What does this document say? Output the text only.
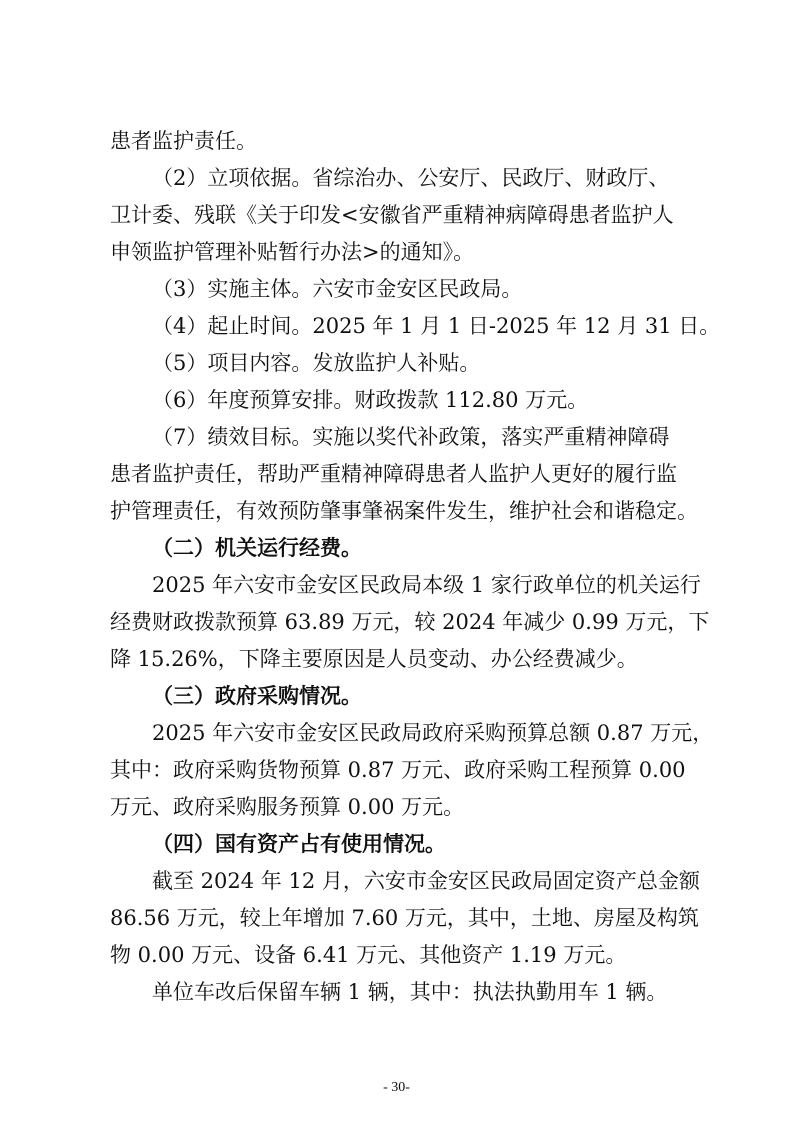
患者监护责任。
（2）立项依据。省综治办、公安厅、民政厅、财政厅、
卫计委、残联《关于印发<安徽省严重精神病障碍患者监护人
申领监护管理补贴暂行办法>的通知》。
（3）实施主体。六安市金安区民政局。
（4）起止时间。2025 年 1 月 1 日-2025 年 12 月 31 日。
（5）项目内容。发放监护人补贴。
（6）年度预算安排。财政拨款 112.80 万元。
（7）绩效目标。实施以奖代补政策，落实严重精神障碍
患者监护责任，帮助严重精神障碍患者人监护人更好的履行监
护管理责任，有效预防肇事肇祸案件发生，维护社会和谐稳定。
（二）机关运行经费。
2025 年六安市金安区民政局本级 1 家行政单位的机关运行
经费财政拨款预算 63.89 万元，较 2024 年减少 0.99 万元，下
降 15.26%，下降主要原因是人员变动、办公经费减少。
（三）政府采购情况。
2025 年六安市金安区民政局政府采购预算总额 0.87 万元，
其中：政府采购货物预算 0.87 万元、政府采购工程预算 0.00
万元、政府采购服务预算 0.00 万元。
（四）国有资产占有使用情况。
截至 2024 年 12 月，六安市金安区民政局固定资产总金额
86.56 万元，较上年增加 7.60 万元，其中，土地、房屋及构筑
物 0.00 万元、设备 6.41 万元、其他资产 1.19 万元。
单位车改后保留车辆 1 辆，其中：执法执勤用车 1 辆。
- 30-
